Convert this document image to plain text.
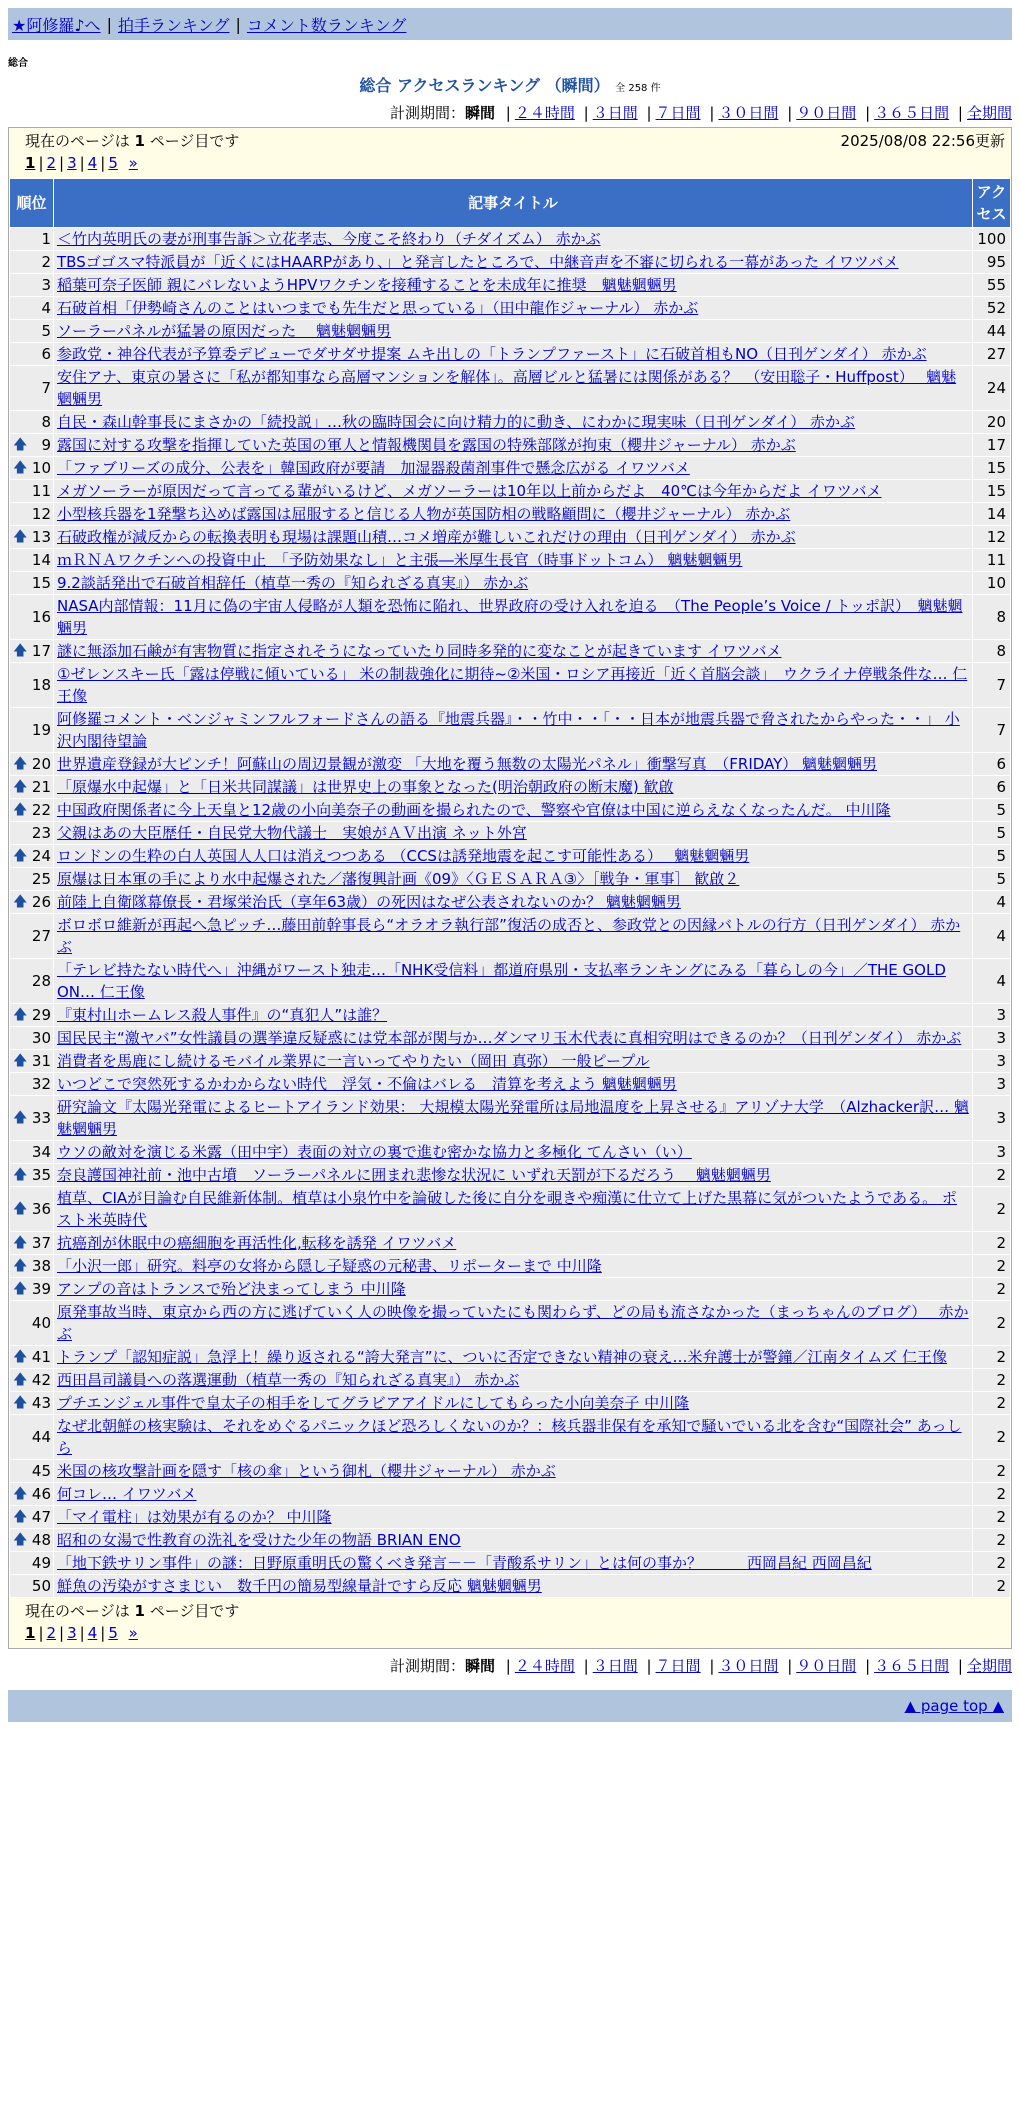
★阿修羅♪へ | 拍手ランキング | コメント数ランキング
総合
総合 アクセスランキング （瞬間） 全 258 件
計測期間：瞬間 | ２４時間 | ３日間 | ７日間 | ３０日間 | ９０日間 | ３６５日間 | 全期間
現在のページは 1 ページ目です	2025/08/08 22:56更新
1 | 2 | 3 | 4 | 5 »
順位	記事タイトル	アクセス
1	＜竹内英明氏の妻が刑事告訴＞立花孝志、今度こそ終わり（チダイズム） 赤かぶ	100
2	TBSゴゴスマ特派員が「近くにはHAARPがあり、」と発言したところで、中継音声を不審に切られる一幕があった イワツバメ	95
3	稲葉可奈子医師 親にバレないようHPVワクチンを接種することを未成年に推奨　魑魅魍魎男	55
4	石破首相「伊勢崎さんのことはいつまでも先生だと思っている」（田中龍作ジャーナル） 赤かぶ	52
5	ソーラーパネルが猛暑の原因だった　 魑魅魍魎男	44
6	参政党・神谷代表が予算委デビューでダサダサ提案 ムキ出しの「トランプファースト」に石破首相もNO（日刊ゲンダイ） 赤かぶ	27
7	安住アナ、東京の暑さに「私が都知事なら高層マンションを解体」。高層ビルと猛暑には関係がある？　（安田聡子・Huffpost）　 魑魅魍魎男	24
8	自民・森山幹事長にまさかの「続投説」…秋の臨時国会に向け精力的に動き、にわかに現実味（日刊ゲンダイ） 赤かぶ	20

🡅 9	露国に対する攻撃を指揮していた英国の軍人と情報機関員を露国の特殊部隊が拘束（櫻井ジャーナル） 赤かぶ	17

🡅 10	「ファブリーズの成分、公表を」韓国政府が要請　加湿器殺菌剤事件で懸念広がる イワツバメ	15
11	メガソーラーが原因だって言ってる輩がいるけど、メガソーラーは10年以上前からだよ　40℃は今年からだよ イワツバメ	15
12	小型核兵器を1発撃ち込めば露国は屈服すると信じる人物が英国防相の戦略顧問に（櫻井ジャーナル） 赤かぶ	14

🡅 13	石破政権が減反からの転換表明も現場は課題山積…コメ増産が難しいこれだけの理由（日刊ゲンダイ） 赤かぶ	12
14	ｍＲＮＡワクチンへの投資中止　「予防効果なし」と主張―米厚生長官（時事ドットコム） 魑魅魍魎男	11
15	9.2談話発出で石破首相辞任（植草一秀の『知られざる真実』） 赤かぶ	10
16	NASA内部情報：11月に偽の宇宙人侵略が人類を恐怖に陥れ、世界政府の受け入れを迫る　（The People’s Voice / トッポ訳）　魑魅魍魎男	8

🡅 17	謎に無添加石鹸が有害物質に指定されそうになっていたり同時多発的に変なことが起きています イワツバメ	8
18	①ゼレンスキー氏「露は停戦に傾いている」 米の制裁強化に期待~②米国・ロシア再接近「近く首脳会談」　ウクライナ停戦条件な… 仁王像	7
19	阿修羅コメント・ベンジャミンフルフォードさんの語る『地震兵器』・・竹中・・「・・日本が地震兵器で脅されたからやった・・」 小沢内閣待望論	7

🡅 20	世界遺産登録が大ピンチ！阿蘇山の周辺景観が激変 「大地を覆う無数の太陽光パネル」衝撃写真　（FRIDAY） 魑魅魍魎男	6

🡅 21	「原爆水中起爆」と「日米共同謀議」は世界史上の事象となった(明治朝政府の断末魔) 歓啟	6

🡅 22	中国政府関係者に今上天皇と12歳の小向美奈子の動画を撮られたので、警察や官僚は中国に逆らえなくなったんだ。 中川隆	5
23	父親はあの大臣歴任・自民党大物代議士　実娘がＡＶ出演 ネット外宮	5

🡅 24	ロンドンの生粋の白人英国人人口は消えつつある （CCSは誘発地震を起こす可能性ある）　 魑魅魍魎男	5
25	原爆は日本軍の手により水中起爆された／藩復興計画《09》〈ＧＥＳＡＲＡ③〉［戦争・軍事］ 歓啟２	5

🡅 26	前陸上自衛隊幕僚長・君塚栄治氏（享年63歳）の死因はなぜ公表されないのか？ 魑魅魍魎男	4
27	ボロボロ維新が再起へ急ピッチ…藤田前幹事長ら“オラオラ執行部”復活の成否と、参政党との因縁バトルの行方（日刊ゲンダイ） 赤かぶ	4
28	「テレビ持たない時代へ」沖縄がワースト独走…「NHK受信料」都道府県別・支払率ランキングにみる「暮らしの今」／THE GOLD ON… 仁王像	4

🡅 29	『東村山ホームレス殺人事件』の“真犯人”は誰？	3
30	国民民主“激ヤバ”女性議員の選挙違反疑惑には党本部が関与か…ダンマリ玉木代表に真相究明はできるのか？（日刊ゲンダイ） 赤かぶ	3

🡅 31	消費者を馬鹿にし続けるモバイル業界に一言いってやりたい（岡田 真弥） 一般ピープル	3
32	いつどこで突然死するかわからない時代　浮気・不倫はバレる　清算を考えよう 魑魅魍魎男	3

🡅 33	研究論文『太陽光発電によるヒートアイランド効果： 大規模太陽光発電所は局地温度を上昇させる』アリゾナ大学　（Alzhacker訳… 魑魅魍魎男	3
34	ウソの敵対を演じる米露（田中宇）表面の対立の裏で進む密かな協力と多極化 てんさい（い）	3

🡅 35	奈良護国神社前・池中古墳　ソーラーパネルに囲まれ悲惨な状況に いずれ天罰が下るだろう　 魑魅魍魎男	2

🡅 36	植草、CIAが目論む自民維新体制。植草は小泉竹中を論破した後に自分を覗きや痴漢に仕立て上げた黒幕に気がついたようである。 ポスト米英時代	2

🡅 37	抗癌剤が休眠中の癌細胞を再活性化,転移を誘発 イワツバメ	2

🡅 38	「小沢一郎」研究。料亭の女将から隠し子疑惑の元秘書、リポーターまで 中川隆	2

🡅 39	アンプの音はトランスで殆ど決まってしまう 中川隆	2
40	原発事故当時、東京から西の方に逃げていく人の映像を撮っていたにも関わらず、どの局も流さなかった（まっちゃんのブログ）　 赤かぶ	2

🡅 41	トランプ「認知症説」急浮上！繰り返される“誇大発言”に、ついに否定できない精神の衰え…米弁護士が警鐘／江南タイムズ 仁王像	2

🡅 42	西田昌司議員への落選運動（植草一秀の『知られざる真実』） 赤かぶ	2

🡅 43	プチエンジェル事件で皇太子の相手をしてグラビアアイドルにしてもらった小向美奈子 中川隆	2
44	なぜ北朝鮮の核実験は、それをめぐるパニックほど恐ろしくないのか？：核兵器非保有を承知で騒いでいる北を含む“国際社会” あっしら	2
45	米国の核攻撃計画を隠す「核の傘」という御札（櫻井ジャーナル） 赤かぶ	2

🡅 46	何コレ… イワツバメ	2

🡅 47	「マイ電柱」は効果が有るのか？ 中川隆	2

🡅 48	昭和の女湯で性教育の洗礼を受けた少年の物語 BRIAN ENO	2
49	「地下鉄サリン事件」の謎：日野原重明氏の驚くべき発言－－「青酸系サリン」とは何の事か？　　　西岡昌紀 西岡昌紀	2
50	鮮魚の汚染がすさまじい　数千円の簡易型線量計ですら反応 魑魅魍魎男	2
現在のページは 1 ページ目です
1 | 2 | 3 | 4 | 5 »
計測期間：瞬間 | ２４時間 | ３日間 | ７日間 | ３０日間 | ９０日間 | ３６５日間 | 全期間
▲ page top ▲
